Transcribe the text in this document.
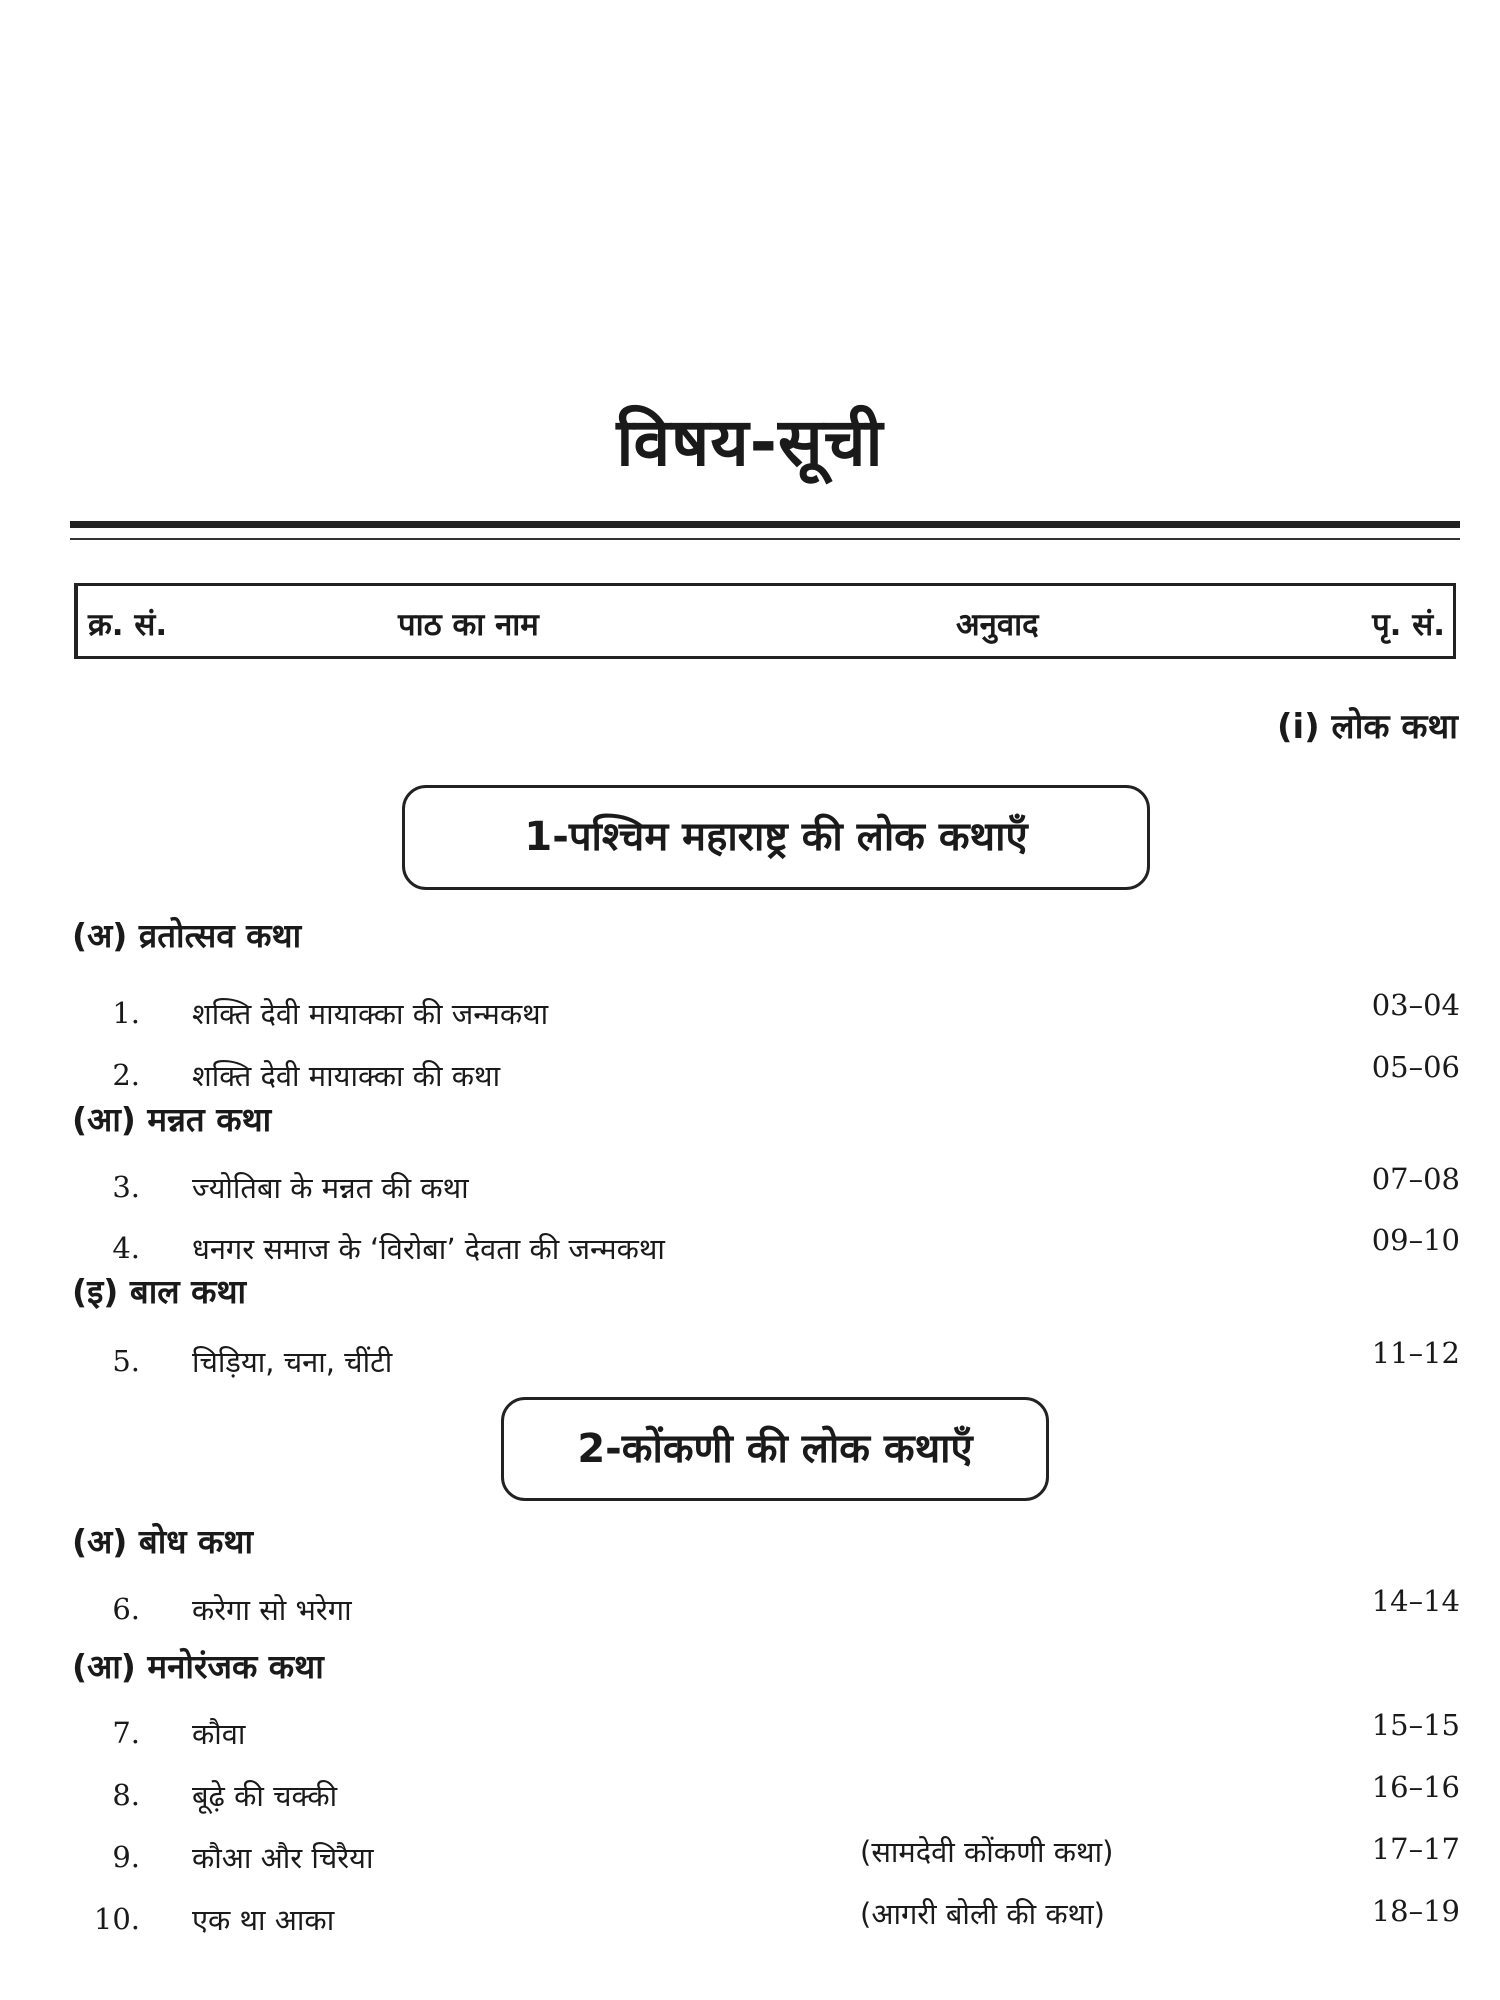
विषय-सूची
क्र. सं.	पाठ का नाम	अनुवाद	पृ. सं.
(i) लोक कथा
1-पश्चिम महाराष्ट्र की लोक कथाएँ
(अ) व्रतोत्सव कथा
1. शक्ति देवी मायाक्का की जन्मकथा	03–04
2. शक्ति देवी मायाक्का की कथा	05–06
(आ) मन्नत कथा
3. ज्योतिबा के मन्नत की कथा	07–08
4. धनगर समाज के ‘विरोबा’ देवता की जन्मकथा	09–10
(इ) बाल कथा
5. चिड़िया, चना, चींटी	11–12
2-कोंकणी की लोक कथाएँ
(अ) बोध कथा
6. करेगा सो भरेगा	14–14
(आ) मनोरंजक कथा
7. कौवा	15–15
8. बूढ़े की चक्की	16–16
9. कौआ और चिरैया	(सामदेवी कोंकणी कथा)	17–17
10. एक था आका	(आगरी बोली की कथा)	18–19
